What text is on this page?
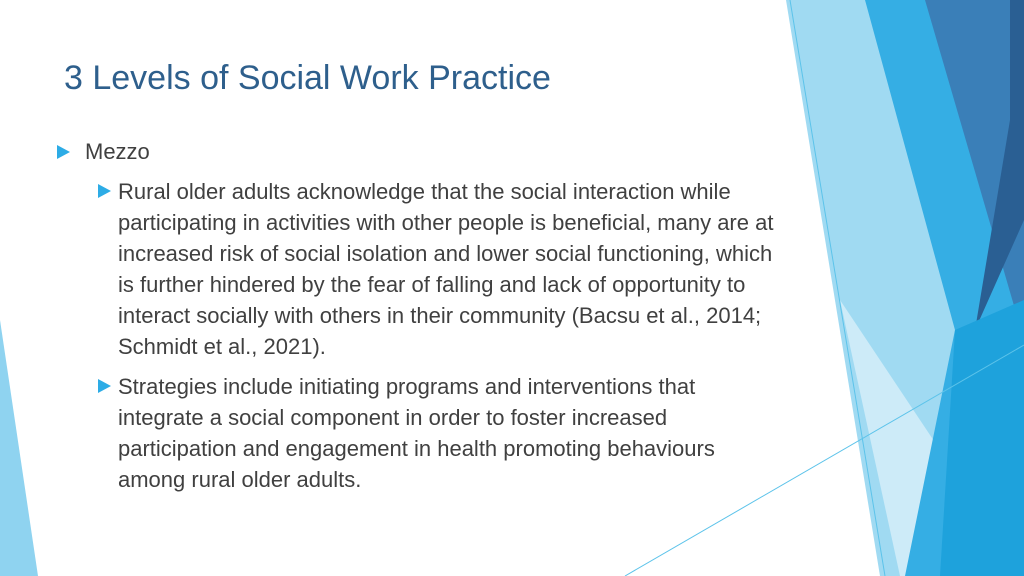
3 Levels of Social Work Practice

Mezzo

Rural older adults acknowledge that the social interaction while participating in activities with other people is beneficial, many are at increased risk of social isolation and lower social functioning, which is further hindered by the fear of falling and lack of opportunity to interact socially with others in their community (Bacsu et al., 2014; Schmidt et al., 2021).

Strategies include initiating programs and interventions that integrate a social component in order to foster increased participation and engagement in health promoting behaviours among rural older adults.
